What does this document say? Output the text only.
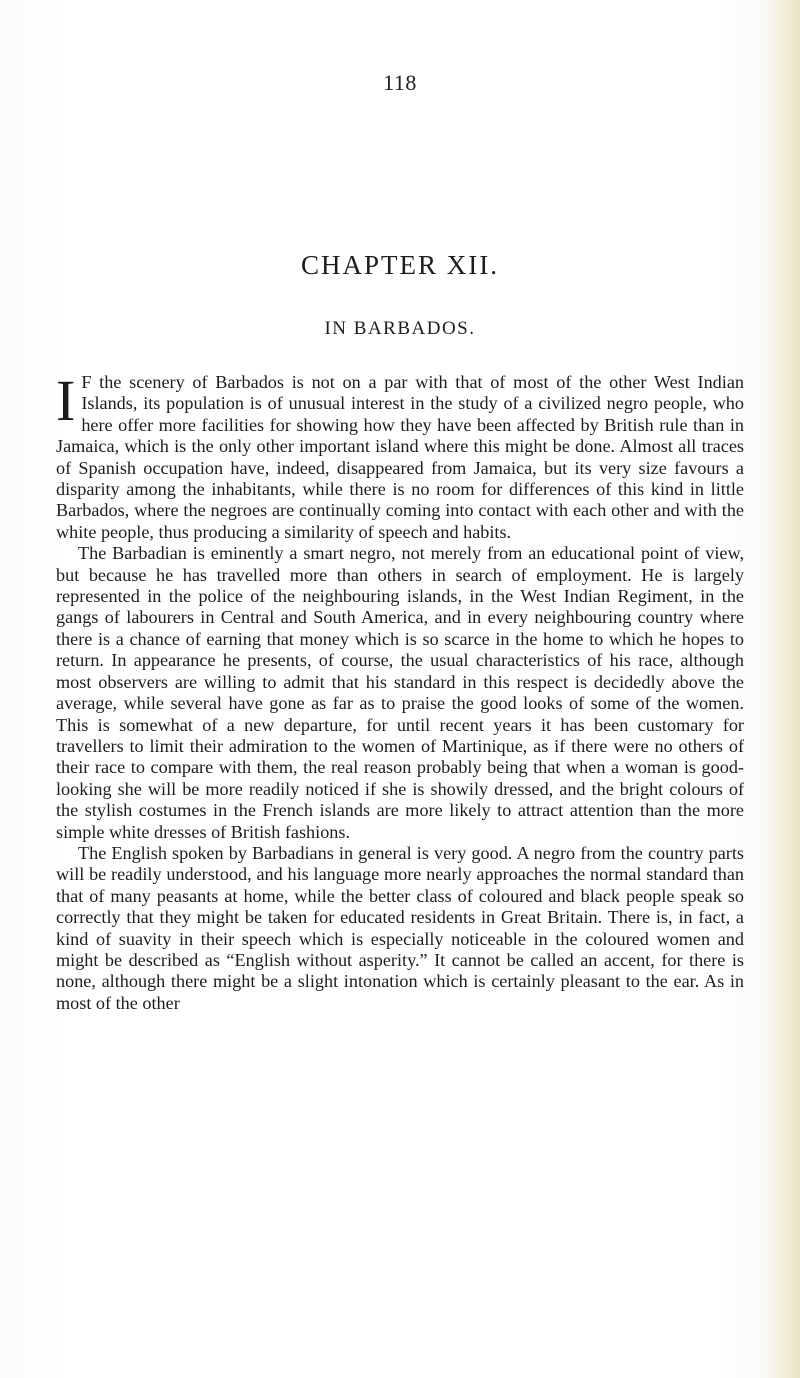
118
CHAPTER XII.
IN BARBADOS.

I F the scenery of Barbados is not on a par with that of most of the other West Indian Islands, its population is of unusual interest in the study of a civilized negro people, who here offer more facilities for showing how they have been affected by British rule than in Jamaica, which is the only other important island where this might be done. Almost all traces of Spanish occupation have, indeed, disappeared from Jamaica, but its very size favours a disparity among the inhabitants, while there is no room for differences of this kind in little Barbados, where the negroes are continually coming into contact with each other and with the white people, thus producing a similarity of speech and habits.

The Barbadian is eminently a smart negro, not merely from an educational point of view, but because he has travelled more than others in search of employment. He is largely represented in the police of the neighbouring islands, in the West Indian Regiment, in the gangs of labourers in Central and South America, and in every neighbouring country where there is a chance of earning that money which is so scarce in the home to which he hopes to return. In appearance he presents, of course, the usual characteristics of his race, although most observers are willing to admit that his standard in this respect is decidedly above the average, while several have gone as far as to praise the good looks of some of the women. This is somewhat of a new departure, for until recent years it has been customary for travellers to limit their admiration to the women of Martinique, as if there were no others of their race to compare with them, the real reason probably being that when a woman is good-looking she will be more readily noticed if she is showily dressed, and the bright colours of the stylish costumes in the French islands are more likely to attract attention than the more simple white dresses of British fashions.

The English spoken by Barbadians in general is very good. A negro from the country parts will be readily understood, and his language more nearly approaches the normal standard than that of many peasants at home, while the better class of coloured and black people speak so correctly that they might be taken for educated residents in Great Britain. There is, in fact, a kind of suavity in their speech which is especially noticeable in the coloured women and might be described as “English without asperity.” It cannot be called an accent, for there is none, although there might be a slight intonation which is certainly pleasant to the ear. As in most of the other
